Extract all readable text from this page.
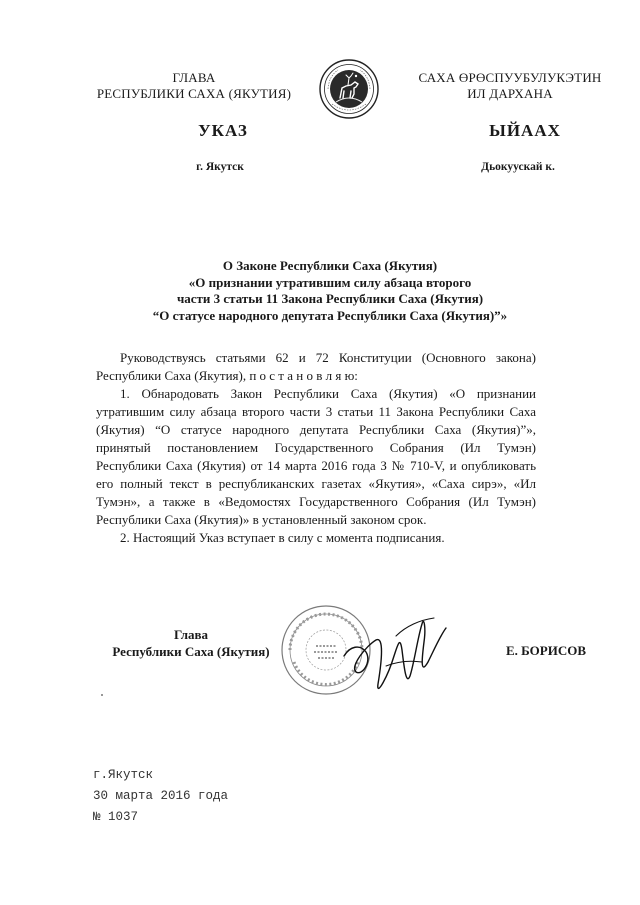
ГЛАВА
РЕСПУБЛИКИ САХА (ЯКУТИЯ)
САХА ӨРӨСПУУБУЛУКЭТИН
ИЛ ДАРХАНА
УКАЗ	ЫЙААХ
г. Якутск	Дьокуускай к.
О Законе Республики Саха (Якутия)
«О признании утратившим силу абзаца второго
части 3 статьи 11 Закона Республики Саха (Якутия)
“О статусе народного депутата Республики Саха (Якутия)”»

Руководствуясь статьями 62 и 72 Конституции (Основного закона) Республики Саха (Якутия), п о с т а н о в л я ю:

1. Обнародовать Закон Республики Саха (Якутия) «О признании утратившим силу абзаца второго части 3 статьи 11 Закона Республики Саха (Якутия) “О статусе народного депутата Республики Саха (Якутия)”», принятый постановлением Государственного Собрания (Ил Тумэн) Республики Саха (Якутия) от 14 марта 2016 года З № 710-V, и опубликовать его полный текст в республиканских газетах «Якутия», «Саха сирэ», «Ил Тумэн», а также в «Ведомостях Государственного Собрания (Ил Тумэн) Республики Саха (Якутия)» в установленный законом срок.

2. Настоящий Указ вступает в силу с момента подписания.

Глава
Республики Саха (Якутия)	Е. БОРИСОВ
г.Якутск
30 марта 2016 года
№ 1037
